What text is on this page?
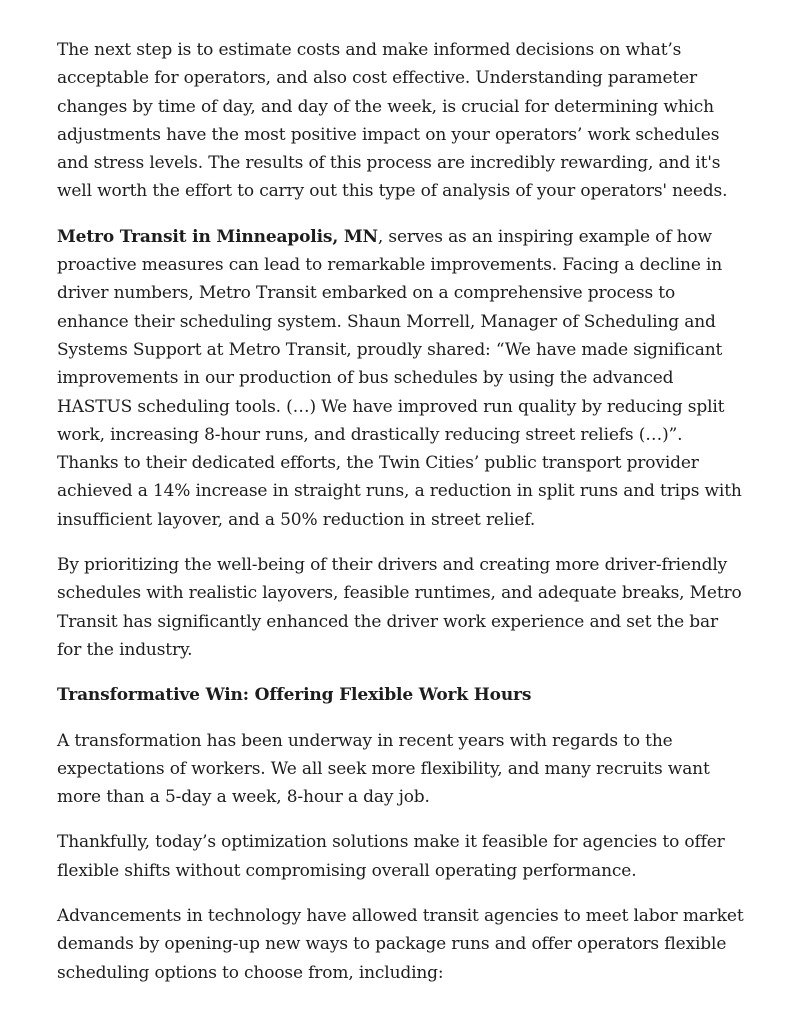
The next step is to estimate costs and make informed decisions on what’s acceptable for operators, and also cost effective. Understanding parameter changes by time of day, and day of the week, is crucial for determining which adjustments have the most positive impact on your operators’ work schedules and stress levels. The results of this process are incredibly rewarding, and it's well worth the effort to carry out this type of analysis of your operators' needs.

Metro Transit in Minneapolis, MN, serves as an inspiring example of how proactive measures can lead to remarkable improvements. Facing a decline in driver numbers, Metro Transit embarked on a comprehensive process to enhance their scheduling system. Shaun Morrell, Manager of Scheduling and Systems Support at Metro Transit, proudly shared: “We have made significant improvements in our production of bus schedules by using the advanced HASTUS scheduling tools. (…) We have improved run quality by reducing split work, increasing 8-hour runs, and drastically reducing street reliefs (…)”. Thanks to their dedicated efforts, the Twin Cities’ public transport provider achieved a 14% increase in straight runs, a reduction in split runs and trips with insufficient layover, and a 50% reduction in street relief.

By prioritizing the well-being of their drivers and creating more driver-friendly schedules with realistic layovers, feasible runtimes, and adequate breaks, Metro Transit has significantly enhanced the driver work experience and set the bar for the industry.

Transformative Win: Offering Flexible Work Hours

A transformation has been underway in recent years with regards to the expectations of workers. We all seek more flexibility, and many recruits want more than a 5-day a week, 8-hour a day job.

Thankfully, today’s optimization solutions make it feasible for agencies to offer flexible shifts without compromising overall operating performance.

Advancements in technology have allowed transit agencies to meet labor market demands by opening-up new ways to package runs and offer operators flexible scheduling options to choose from, including:
